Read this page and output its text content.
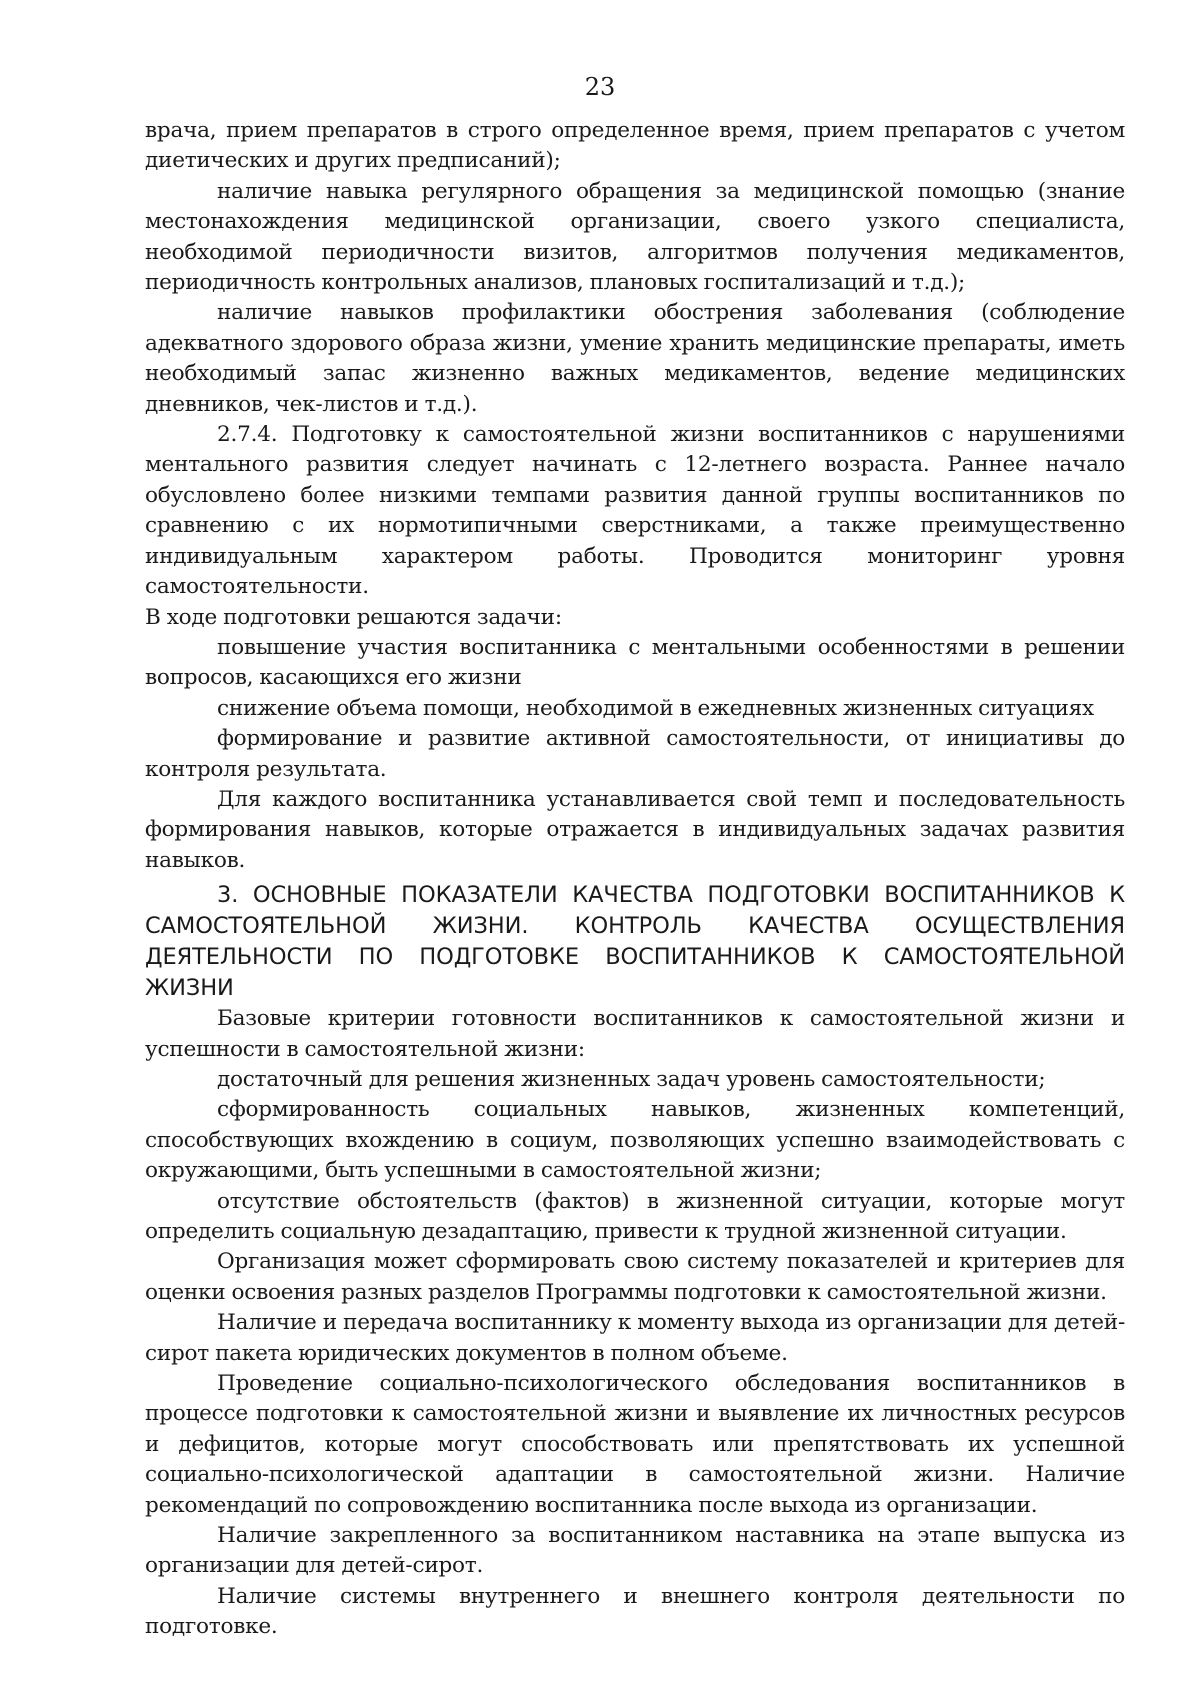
23

врача, прием препаратов в строго определенное время, прием препаратов с учетом диетических и других предписаний);

наличие навыка регулярного обращения за медицинской помощью (знание местонахождения медицинской организации, своего узкого специалиста, необходимой периодичности визитов, алгоритмов получения медикаментов, периодичность контрольных анализов, плановых госпитализаций и т.д.);

наличие навыков профилактики обострения заболевания (соблюдение адекватного здорового образа жизни, умение хранить медицинские препараты, иметь необходимый запас жизненно важных медикаментов, ведение медицинских дневников, чек-листов и т.д.).

2.7.4. Подготовку к самостоятельной жизни воспитанников с нарушениями ментального развития следует начинать с 12-летнего возраста. Раннее начало обусловлено более низкими темпами развития данной группы воспитанников по сравнению с их нормотипичными сверстниками, а также преимущественно индивидуальным характером работы. Проводится мониторинг уровня самостоятельности.

В ходе подготовки решаются задачи:

повышение участия воспитанника с ментальными особенностями в решении вопросов, касающихся его жизни

снижение объема помощи, необходимой в ежедневных жизненных ситуациях

формирование и развитие активной самостоятельности, от инициативы до контроля результата.

Для каждого воспитанника устанавливается свой темп и последовательность формирования навыков, которые отражается в индивидуальных задачах развития навыков.

3. ОСНОВНЫЕ ПОКАЗАТЕЛИ КАЧЕСТВА ПОДГОТОВКИ ВОСПИТАННИКОВ К САМОСТОЯТЕЛЬНОЙ ЖИЗНИ. КОНТРОЛЬ КАЧЕСТВА ОСУЩЕСТВЛЕНИЯ ДЕЯТЕЛЬНОСТИ ПО ПОДГОТОВКЕ ВОСПИТАННИКОВ К САМОСТОЯТЕЛЬНОЙ ЖИЗНИ

Базовые критерии готовности воспитанников к самостоятельной жизни и успешности в самостоятельной жизни:

достаточный для решения жизненных задач уровень самостоятельности;

сформированность социальных навыков, жизненных компетенций, способствующих вхождению в социум, позволяющих успешно взаимодействовать с окружающими, быть успешными в самостоятельной жизни;

отсутствие обстоятельств (фактов) в жизненной ситуации, которые могут определить социальную дезадаптацию, привести к трудной жизненной ситуации.

Организация может сформировать свою систему показателей и критериев для оценки освоения разных разделов Программы подготовки к самостоятельной жизни.

Наличие и передача воспитаннику к моменту выхода из организации для детей-сирот пакета юридических документов в полном объеме.

Проведение социально-психологического обследования воспитанников в процессе подготовки к самостоятельной жизни и выявление их личностных ресурсов и дефицитов, которые могут способствовать или препятствовать их успешной социально-психологической адаптации в самостоятельной жизни. Наличие рекомендаций по сопровождению воспитанника после выхода из организации.

Наличие закрепленного за воспитанником наставника на этапе выпуска из организации для детей-сирот.

Наличие системы внутреннего и внешнего контроля деятельности по подготовке.
